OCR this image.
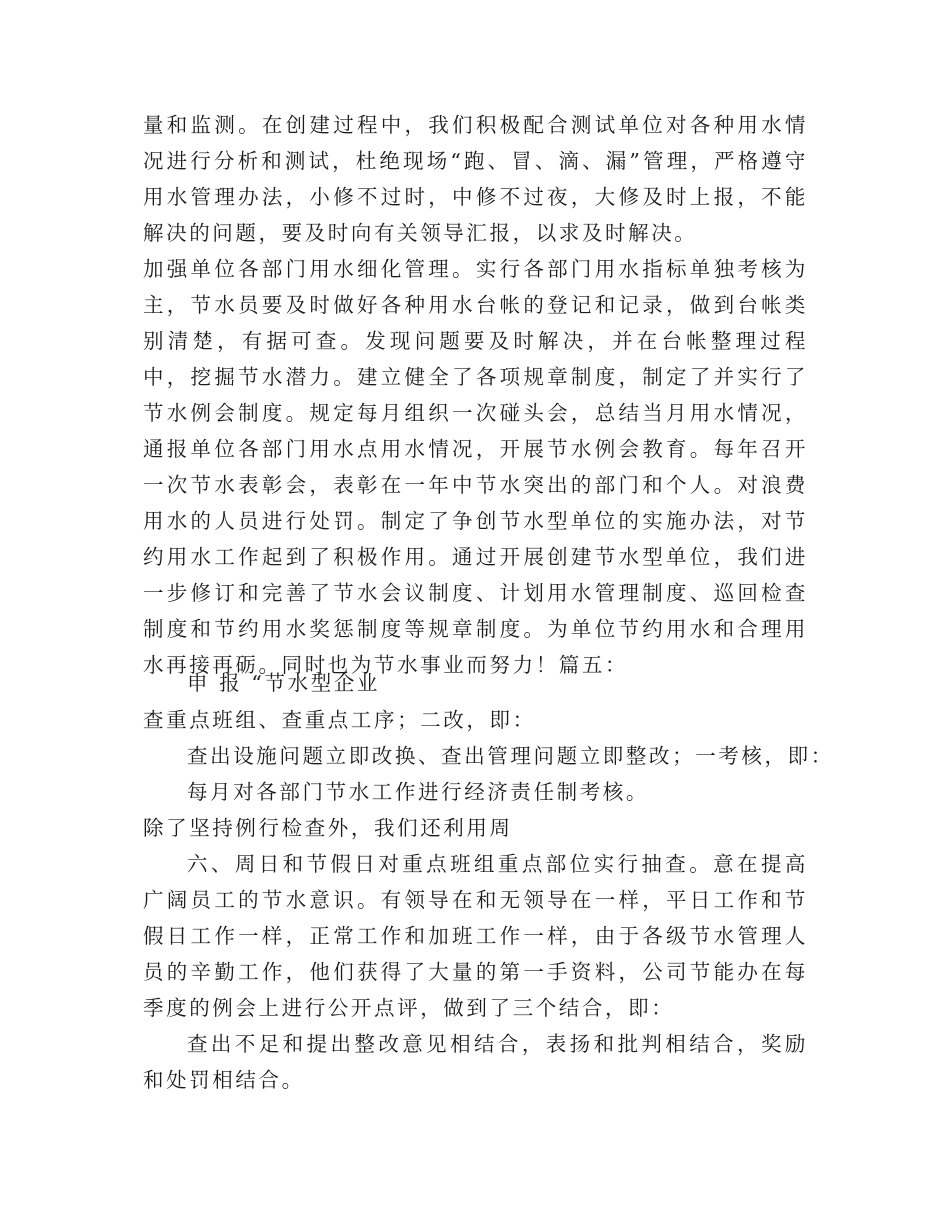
量和监测。在创建过程中，我们积极配合测试单位对各种用水情况进行分析和测试，杜绝现场“跑、冒、滴、漏”管理，严格遵守用水管理办法，小修不过时，中修不过夜，大修及时上报，不能解决的问题，要及时向有关领导汇报，以求及时解决。

加强单位各部门用水细化管理。实行各部门用水指标单独考核为主，节水员要及时做好各种用水台帐的登记和记录，做到台帐类别清楚，有据可查。发现问题要及时解决，并在台帐整理过程中，挖掘节水潜力。建立健全了各项规章制度，制定了并实行了节水例会制度。规定每月组织一次碰头会，总结当月用水情况，通报单位各部门用水点用水情况，开展节水例会教育。每年召开一次节水表彰会，表彰在一年中节水突出的部门和个人。对浪费用水的人员进行处罚。制定了争创节水型单位的实施办法，对节约用水工作起到了积极作用。通过开展创建节水型单位，我们进一步修订和完善了节水会议制度、计划用水管理制度、巡回检查制度和节约用水奖惩制度等规章制度。为单位节约用水和合理用水再接再砺。同时也为节水事业而努力！篇五：

申 报 “节水型企业

查重点班组、查重点工序；二改，即：

查出设施问题立即改换、查出管理问题立即整改；一考核，即：

每月对各部门节水工作进行经济责任制考核。

除了坚持例行检查外，我们还利用周

六、周日和节假日对重点班组重点部位实行抽查。意在提高广阔员工的节水意识。有领导在和无领导在一样，平日工作和节假日工作一样，正常工作和加班工作一样，由于各级节水管理人员的辛勤工作，他们获得了大量的第一手资料，公司节能办在每季度的例会上进行公开点评，做到了三个结合，即：

查出不足和提出整改意见相结合，表扬和批判相结合，奖励和处罚相结合。
